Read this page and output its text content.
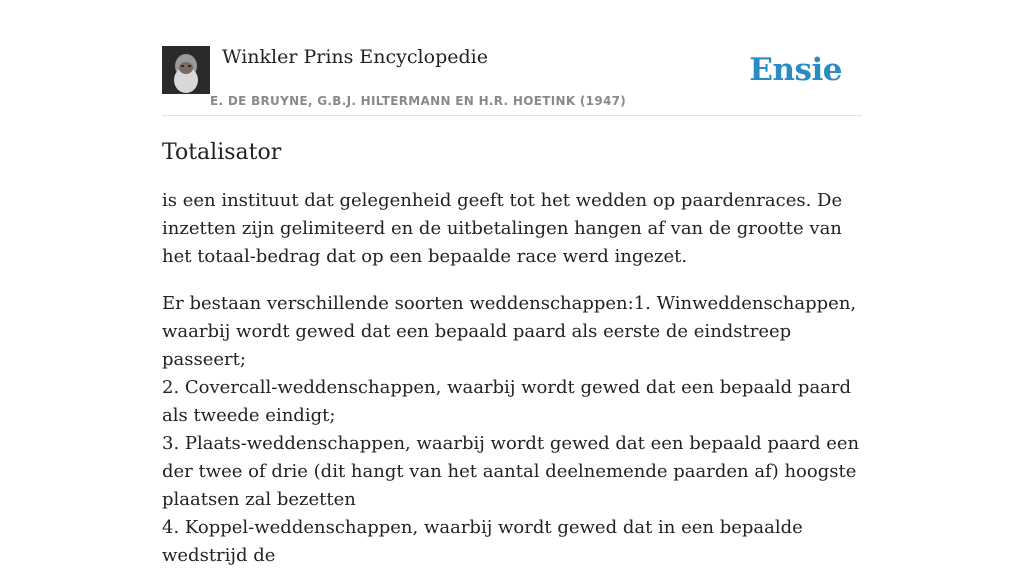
Winkler Prins Encyclopedie
E. DE BRUYNE, G.B.J. HILTERMANN EN H.R. HOETINK (1947)
Ensie
Totalisator

is een instituut dat gelegenheid geeft tot het wedden op paardenraces. De inzetten zijn gelimiteerd en de uitbetalingen hangen af van de grootte van het totaal-bedrag dat op een bepaalde race werd ingezet.

Er bestaan verschillende soorten weddenschappen:1. Winweddenschappen, waarbij wordt gewed dat een bepaald paard als eerste de eindstreep passeert;
2. Covercall-weddenschappen, waarbij wordt gewed dat een bepaald paard als tweede eindigt;
3. Plaats-weddenschappen, waarbij wordt gewed dat een bepaald paard een der twee of drie (dit hangt van het aantal deelnemende paarden af) hoogste plaatsen zal bezetten
4. Koppel-weddenschappen, waarbij wordt gewed dat in een bepaalde wedstrijd de
